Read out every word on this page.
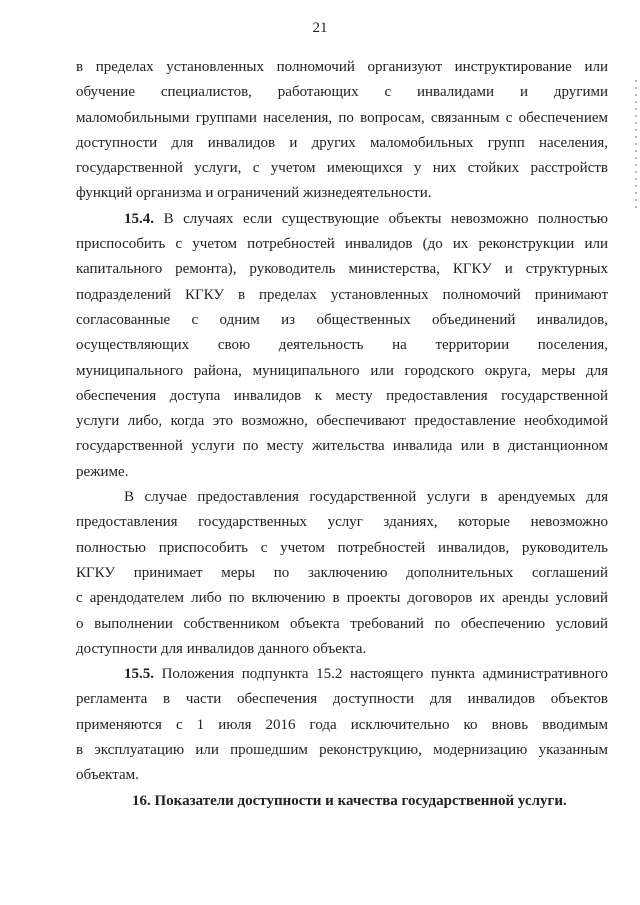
21
в пределах установленных полномочий организуют инструктирование или
обучение специалистов, работающих с инвалидами и другими
маломобильными группами населения, по вопросам, связанным с обеспечением
доступности для инвалидов и других маломобильных групп населения,
государственной услуги, с учетом имеющихся у них стойких расстройств
функций организма и ограничений жизнедеятельности.
15.4. В случаях если существующие объекты невозможно полностью
приспособить с учетом потребностей инвалидов (до их реконструкции или
капитального ремонта), руководитель министерства, КГКУ и структурных
подразделений КГКУ в пределах установленных полномочий принимают
согласованные с одним из общественных объединений инвалидов,
осуществляющих свою деятельность на территории поселения,
муниципального района, муниципального или городского округа, меры для
обеспечения доступа инвалидов к месту предоставления государственной
услуги либо, когда это возможно, обеспечивают предоставление необходимой
государственной услуги по месту жительства инвалида или в дистанционном
режиме.
В случае предоставления государственной услуги в арендуемых для
предоставления государственных услуг зданиях, которые невозможно
полностью приспособить с учетом потребностей инвалидов, руководитель
КГКУ принимает меры по заключению дополнительных соглашений
с арендодателем либо по включению в проекты договоров их аренды условий
о выполнении собственником объекта требований по обеспечению условий
доступности для инвалидов данного объекта.
15.5. Положения подпункта 15.2 настоящего пункта административного
регламента в части обеспечения доступности для инвалидов объектов
применяются с 1 июля 2016 года исключительно ко вновь вводимым
в эксплуатацию или прошедшим реконструкцию, модернизацию указанным
объектам.
16. Показатели доступности и качества государственной услуги.
